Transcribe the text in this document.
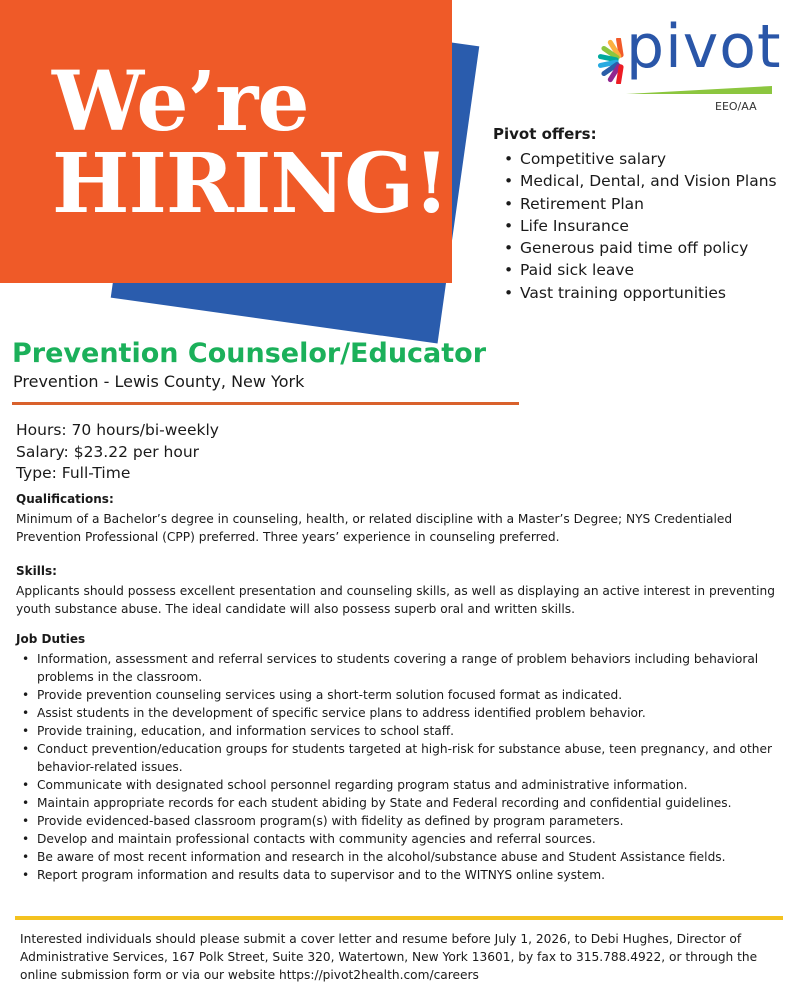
We’re
HIRING!
pivot
EEO/AA
Pivot offers:
• Competitive salary
• Medical, Dental, and Vision Plans
• Retirement Plan
• Life Insurance
• Generous paid time off policy
• Paid sick leave
• Vast training opportunities
Prevention Counselor/Educator
Prevention - Lewis County, New York
Hours: 70 hours/bi-weekly
Salary: $23.22 per hour
Type: Full-Time
Qualifications:
Minimum of a Bachelor’s degree in counseling, health, or related discipline with a Master’s Degree; NYS Credentialed Prevention Professional (CPP) preferred. Three years’ experience in counseling preferred.
Skills:
Applicants should possess excellent presentation and counseling skills, as well as displaying an active interest in preventing youth substance abuse. The ideal candidate will also possess superb oral and written skills.
Job Duties
• Information, assessment and referral services to students covering a range of problem behaviors including behavioral problems in the classroom.
• Provide prevention counseling services using a short-term solution focused format as indicated.
• Assist students in the development of specific service plans to address identified problem behavior.
• Provide training, education, and information services to school staff.
• Conduct prevention/education groups for students targeted at high-risk for substance abuse, teen pregnancy, and other behavior-related issues.
• Communicate with designated school personnel regarding program status and administrative information.
• Maintain appropriate records for each student abiding by State and Federal recording and confidential guidelines.
• Provide evidenced-based classroom program(s) with fidelity as defined by program parameters.
• Develop and maintain professional contacts with community agencies and referral sources.
• Be aware of most recent information and research in the alcohol/substance abuse and Student Assistance fields.
• Report program information and results data to supervisor and to the WITNYS online system.
Interested individuals should please submit a cover letter and resume before July 1, 2026, to Debi Hughes, Director of Administrative Services, 167 Polk Street, Suite 320, Watertown, New York 13601, by fax to 315.788.4922, or through the online submission form or via our website https://pivot2health.com/careers
